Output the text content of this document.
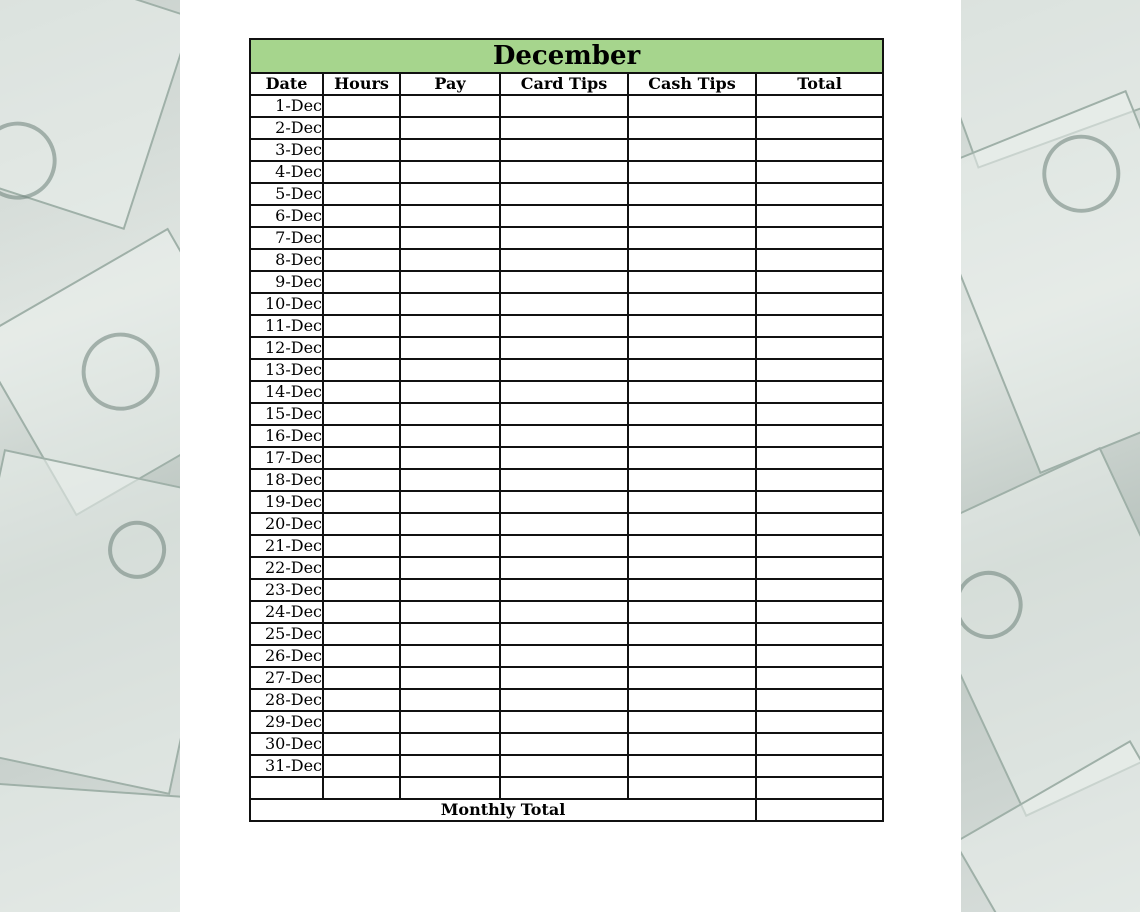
December					
Date	Hours	Pay	Card Tips	Cash Tips	Total
1-Dec					
2-Dec					
3-Dec					
4-Dec					
5-Dec					
6-Dec					
7-Dec					
8-Dec					
9-Dec					
10-Dec					
11-Dec					
12-Dec					
13-Dec					
14-Dec					
15-Dec					
16-Dec					
17-Dec					
18-Dec					
19-Dec					
20-Dec					
21-Dec					
22-Dec					
23-Dec					
24-Dec					
25-Dec					
26-Dec					
27-Dec					
28-Dec					
29-Dec					
30-Dec					
31-Dec					

Monthly Total					
